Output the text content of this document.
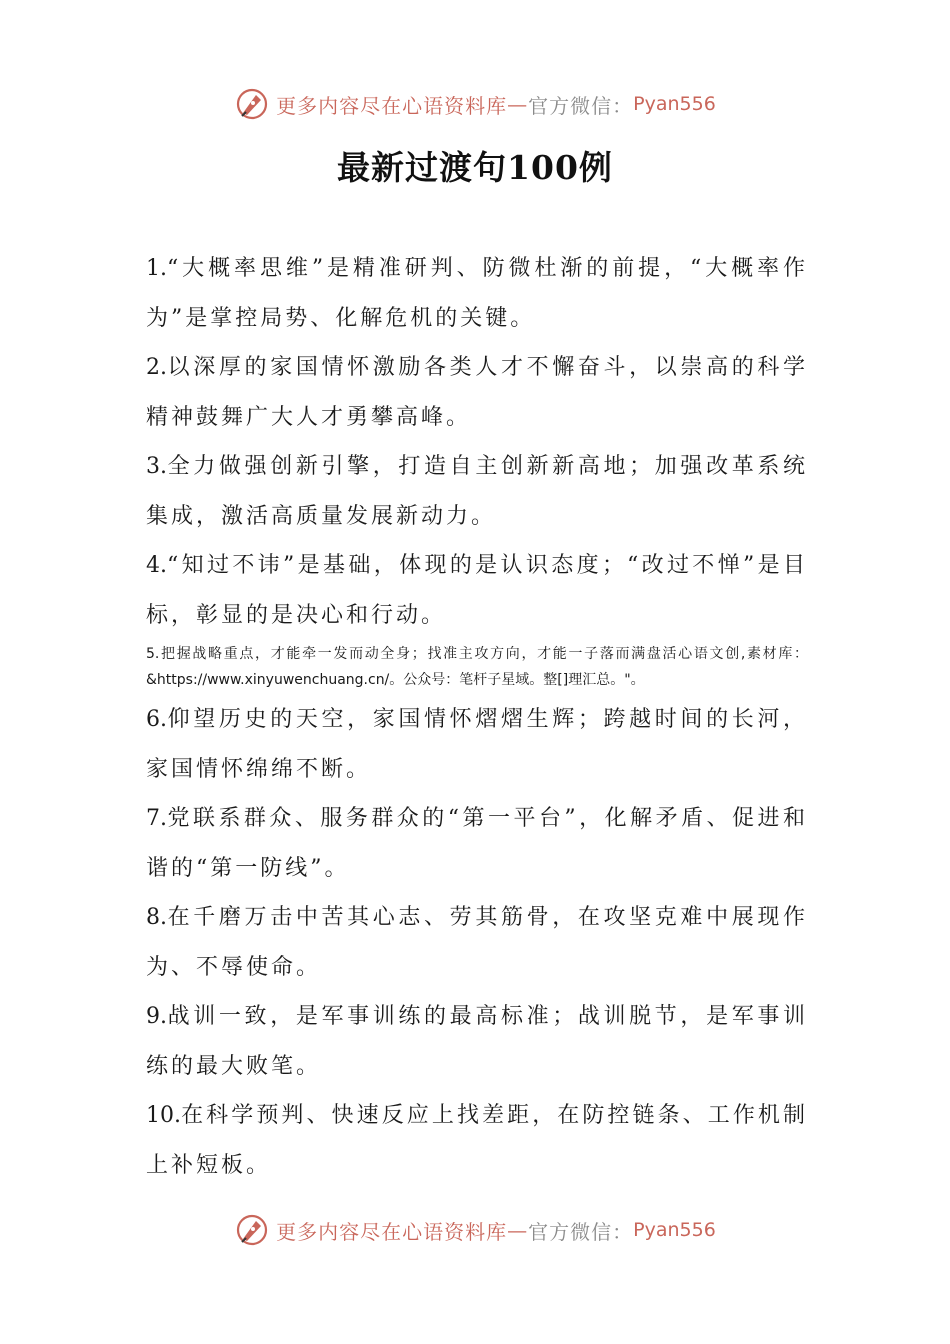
更多内容尽在心语资料库 — 官方微信： Pyan556
最新过渡句100例

1.“大概率思维”是精准研判、防微杜渐的前提，“大概率作为”是掌控局势、化解危机的关键。

2.以深厚的家国情怀激励各类人才不懈奋斗，以崇高的科学精神鼓舞广大人才勇攀高峰。

3.全力做强创新引擎，打造自主创新新高地；加强改革系统集成，激活高质量发展新动力。

4.“知过不讳”是基础，体现的是认识态度；“改过不惮”是目标，彰显的是决心和行动。

5.把握战略重点，才能牵一发而动全身；找准主攻方向，才能一子落而满盘活心语文创,素材库：&https://www.xinyuwenchuang.cn/。公众号：笔杆子星域。整[]理汇总。"。

6.仰望历史的天空，家国情怀熠熠生辉；跨越时间的长河，家国情怀绵绵不断。

7.党联系群众、服务群众的“第一平台”，化解矛盾、促进和谐的“第一防线”。

8.在千磨万击中苦其心志、劳其筋骨，在攻坚克难中展现作为、不辱使命。

9.战训一致，是军事训练的最高标准；战训脱节，是军事训练的最大败笔。

10.在科学预判、快速反应上找差距，在防控链条、工作机制上补短板。

更多内容尽在心语资料库 — 官方微信： Pyan556
